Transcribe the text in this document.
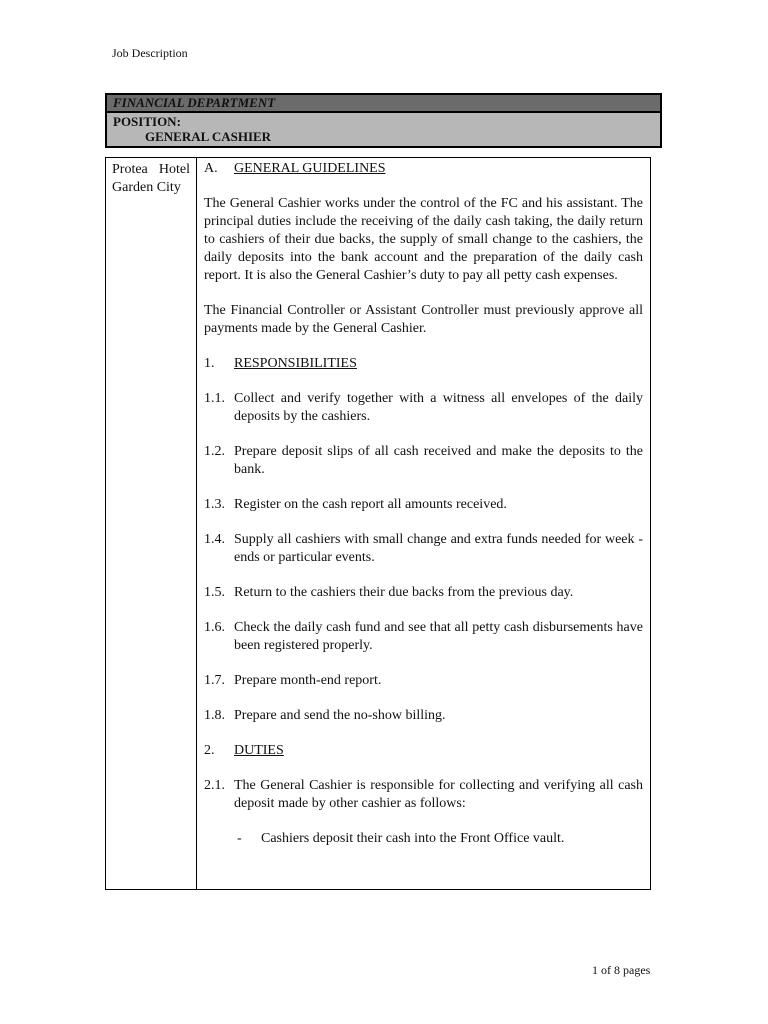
Job Description
FINANCIAL DEPARTMENT
POSITION:
GENERAL CASHIER
Protea Hotel Garden City
A.	GENERAL GUIDELINES

The General Cashier works under the control of the FC and his assistant. The principal duties include the receiving of the daily cash taking, the daily return to cashiers of their due backs, the supply of small change to the cashiers, the daily deposits into the bank account and the preparation of the daily cash report. It is also the General Cashier’s duty to pay all petty cash expenses.

The Financial Controller or Assistant Controller must previously approve all payments made by the General Cashier.

1.	RESPONSIBILITIES
1.1. Collect and verify together with a witness all envelopes of the daily deposits by the cashiers.
1.2. Prepare deposit slips of all cash received and make the deposits to the bank.
1.3. Register on the cash report all amounts received.
1.4. Supply all cashiers with small change and extra funds needed for week - ends or particular events.
1.5. Return to the cashiers their due backs from the previous day.
1.6. Check the daily cash fund and see that all petty cash disbursements have been registered properly.
1.7. Prepare month-end report.
1.8. Prepare and send the no-show billing.
2.	DUTIES
2.1. The General Cashier is responsible for collecting and verifying all cash deposit made by other cashier as follows:
-	Cashiers deposit their cash into the Front Office vault.
1 of 8 pages
